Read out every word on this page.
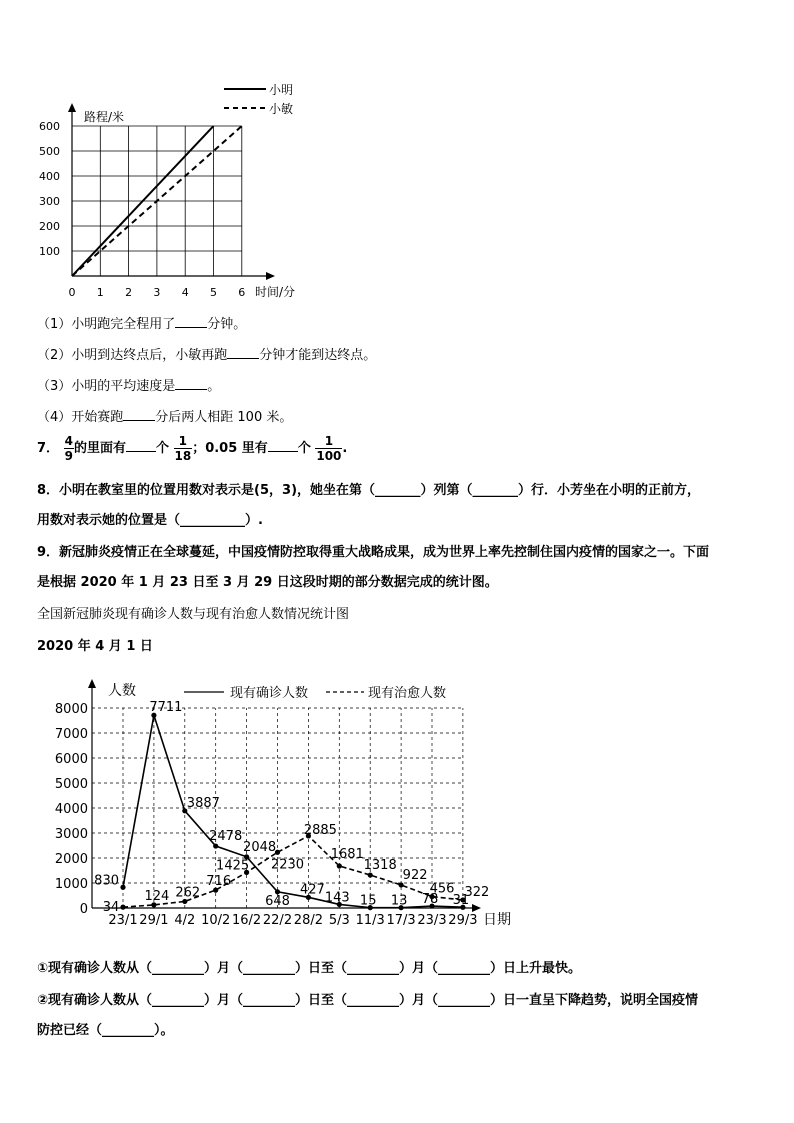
100
200
300
400
500
600
0 1 2 3 4 5 6
路程/米
时间/分
小明
小敏
（1）小明跑完全程用了 分钟。
（2）小明到达终点后，小敏再跑 分钟才能到达终点。
（3）小明的平均速度是 。
（4）开始赛跑 分后两人相距 100 米。
7． $\frac{4}{9}$ 的里面有 个 $\frac{1}{18}$ ；0.05 里有 个 $\frac{1}{100}$ .
8．小明在教室里的位置用数对表示是(5，3)，她坐在第（_______）列第（_______）行．小芳坐在小明的正前方，
用数对表示她的位置是（__________）.
9．新冠肺炎疫情正在全球蔓延，中国疫情防控取得重大战略成果，成为世界上率先控制住国内疫情的国家之一。下面
是根据 2020 年 1 月 23 日至 3 月 29 日这段时期的部分数据完成的统计图。
全国新冠肺炎现有确诊人数与现有治愈人数情况统计图
2020 年 4 月 1 日
0
1000
2000
3000
4000
5000
6000
7000
8000
23/1 29/1 4/2 10/2 16/2 22/2 28/2 5/3 11/3 17/3 23/3 29/3
830
7711
3887
2478
2048
648
427
143 15 13 78 31
34
124 262
716
1425 2230
2885
1681
1318
922
456 322
人数
日期
现有确诊人数	现有治愈人数
①现有确诊人数从（________）月（________）日至（________）月（________）日上升最快。
②现有确诊人数从（________）月（________）日至（________）月（________）日一直呈下降趋势，说明全国疫情
防控已经（________）。
